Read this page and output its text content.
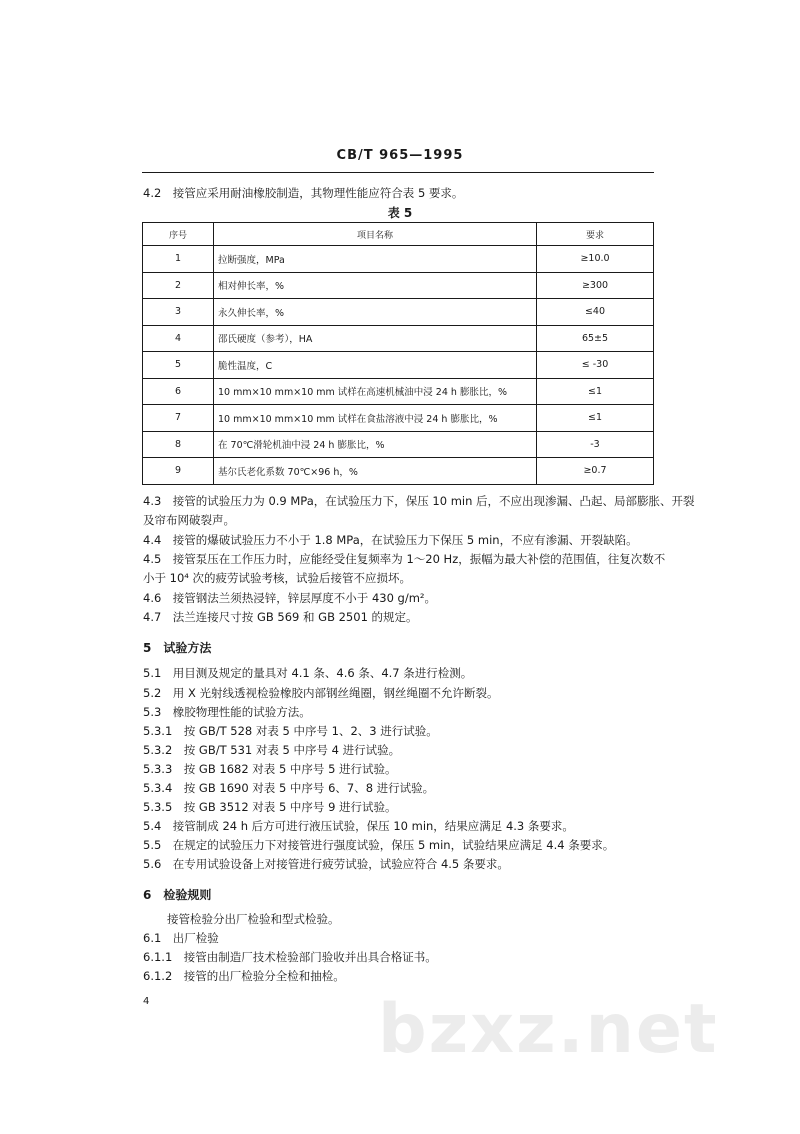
CB/T 965—1995
4.2　接管应采用耐油橡胶制造，其物理性能应符合表 5 要求。
表 5
序号	项目名称	要求
1	拉断强度，MPa	≥10.0
2	相对伸长率，%	≥300
3	永久伸长率，%	≤40
4	邵氏硬度（参考），HA	65±5
5	脆性温度，C	≤ -30
6	10 mm×10 mm×10 mm 试样在高速机械油中浸 24 h 膨胀比，%	≤1
7	10 mm×10 mm×10 mm 试样在食盐溶液中浸 24 h 膨胀比，%	≤1
8	在 70℃滑轮机油中浸 24 h 膨胀比，%	-3
9	基尔氏老化系数 70℃×96 h，%	≥0.7
4.3　接管的试验压力为 0.9 MPa，在试验压力下，保压 10 min 后，不应出现渗漏、凸起、局部膨胀、开裂
及帘布网破裂声。
4.4　接管的爆破试验压力不小于 1.8 MPa，在试验压力下保压 5 min，不应有渗漏、开裂缺陷。
4.5　接管泵压在工作压力时，应能经受住复频率为 1～20 Hz，振幅为最大补偿的范围值，往复次数不
小于 10⁴ 次的疲劳试验考核，试验后接管不应损坏。
4.6　接管钢法兰须热浸锌，锌层厚度不小于 430 g/m²。
4.7　法兰连接尺寸按 GB 569 和 GB 2501 的规定。
5　试验方法
5.1　用目测及规定的量具对 4.1 条、4.6 条、4.7 条进行检测。
5.2　用 X 光射线透视检验橡胶内部钢丝绳圈，钢丝绳圈不允许断裂。
5.3　橡胶物理性能的试验方法。
5.3.1　按 GB/T 528 对表 5 中序号 1、2、3 进行试验。
5.3.2　按 GB/T 531 对表 5 中序号 4 进行试验。
5.3.3　按 GB 1682 对表 5 中序号 5 进行试验。
5.3.4　按 GB 1690 对表 5 中序号 6、7、8 进行试验。
5.3.5　按 GB 3512 对表 5 中序号 9 进行试验。
5.4　接管制成 24 h 后方可进行液压试验，保压 10 min，结果应满足 4.3 条要求。
5.5　在规定的试验压力下对接管进行强度试验，保压 5 min，试验结果应满足 4.4 条要求。
5.6　在专用试验设备上对接管进行疲劳试验，试验应符合 4.5 条要求。
6　检验规则
接管检验分出厂检验和型式检验。
6.1　出厂检验
6.1.1　接管由制造厂技术检验部门验收并出具合格证书。
6.1.2　接管的出厂检验分全检和抽检。
4	bzxz.net
